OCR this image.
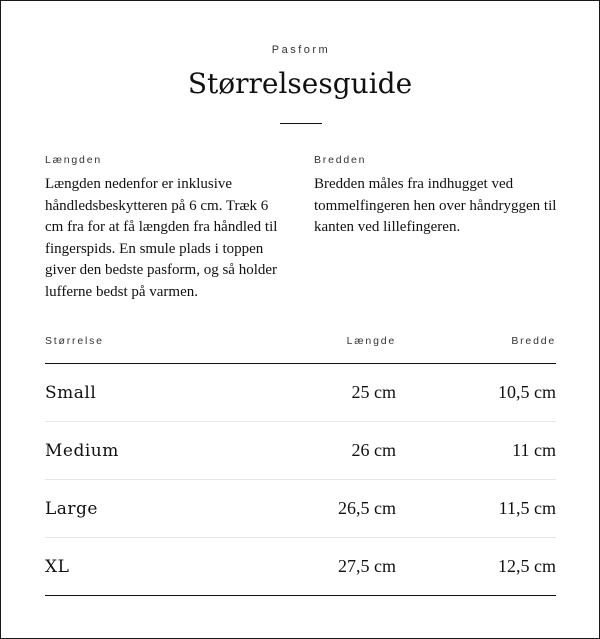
Pasform
Størrelsesguide
Længden

Længden nedenfor er inklusive håndledsbeskytteren på 6 cm. Træk 6 cm fra for at få længden fra håndled til fingerspids. En smule plads i toppen giver den bedste pasform, og så holder lufferne bedst på varmen.

Bredden

Bredden måles fra indhugget ved tommelfingeren hen over håndryggen til kanten ved lillefingeren.

Størrelse	Længde	Bredde
Small	25 cm	10,5 cm
Medium	26 cm	11 cm
Large	26,5 cm	11,5 cm
XL	27,5 cm	12,5 cm
